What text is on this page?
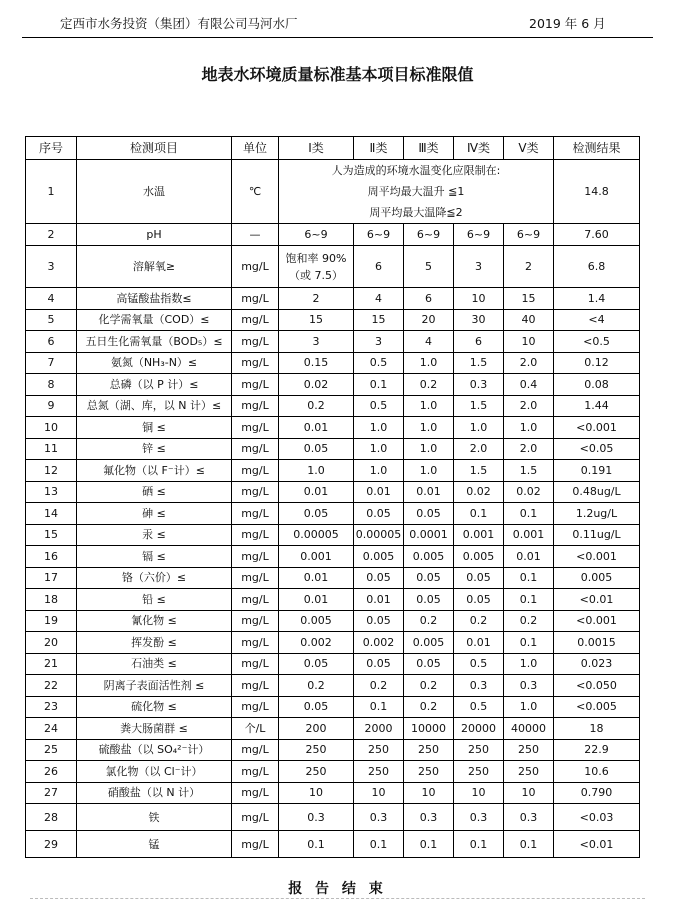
定西市水务投资（集团）有限公司马河水厂	2019 年 6 月
地表水环境质量标准基本项目标准限值
序号	检测项目	单位	Ⅰ类	Ⅱ类	Ⅲ类	Ⅳ类	Ⅴ类	检测结果
1	水温	℃	人为造成的环境水温变化应限制在:
周平均最大温升 ≦1
周平均最大温降≦2					14.8
2	pH	—	6~9	6~9	6~9	6~9	6~9	7.60
3	溶解氧≥	mg/L	饱和率 90%
（或 7.5）	6	5	3	2	6.8
4	高锰酸盐指数≤	mg/L	2	4	6	10	15	1.4
5	化学需氧量（COD）≤	mg/L	15	15	20	30	40	<4
6	五日生化需氧量（BOD₅）≤	mg/L	3	3	4	6	10	<0.5
7	氨氮（NH₃-N）≤	mg/L	0.15	0.5	1.0	1.5	2.0	0.12
8	总磷（以 P 计）≤	mg/L	0.02	0.1	0.2	0.3	0.4	0.08
9	总氮（湖、库，以 N 计）≤	mg/L	0.2	0.5	1.0	1.5	2.0	1.44
10	铜 ≤	mg/L	0.01	1.0	1.0	1.0	1.0	<0.001
11	锌 ≤	mg/L	0.05	1.0	1.0	2.0	2.0	<0.05
12	氟化物（以 F⁻计）≤	mg/L	1.0	1.0	1.0	1.5	1.5	0.191
13	硒 ≤	mg/L	0.01	0.01	0.01	0.02	0.02	0.48ug/L
14	砷 ≤	mg/L	0.05	0.05	0.05	0.1	0.1	1.2ug/L
15	汞 ≤	mg/L	0.00005	0.00005	0.0001	0.001	0.001	0.11ug/L
16	镉 ≤	mg/L	0.001	0.005	0.005	0.005	0.01	<0.001
17	铬（六价）≤	mg/L	0.01	0.05	0.05	0.05	0.1	0.005
18	铅 ≤	mg/L	0.01	0.01	0.05	0.05	0.1	<0.01
19	氰化物 ≤	mg/L	0.005	0.05	0.2	0.2	0.2	<0.001
20	挥发酚 ≤	mg/L	0.002	0.002	0.005	0.01	0.1	0.0015
21	石油类 ≤	mg/L	0.05	0.05	0.05	0.5	1.0	0.023
22	阴离子表面活性剂 ≤	mg/L	0.2	0.2	0.2	0.3	0.3	<0.050
23	硫化物 ≤	mg/L	0.05	0.1	0.2	0.5	1.0	<0.005
24	粪大肠菌群 ≤	个/L	200	2000	10000	20000	40000	18
25	硫酸盐（以 SO₄²⁻计）	mg/L	250	250	250	250	250	22.9
26	氯化物（以 Cl⁻计）	mg/L	250	250	250	250	250	10.6
27	硝酸盐（以 N 计）	mg/L	10	10	10	10	10	0.790
28	铁	mg/L	0.3	0.3	0.3	0.3	0.3	<0.03
29	锰	mg/L	0.1	0.1	0.1	0.1	0.1	<0.01
报 告 结 束
